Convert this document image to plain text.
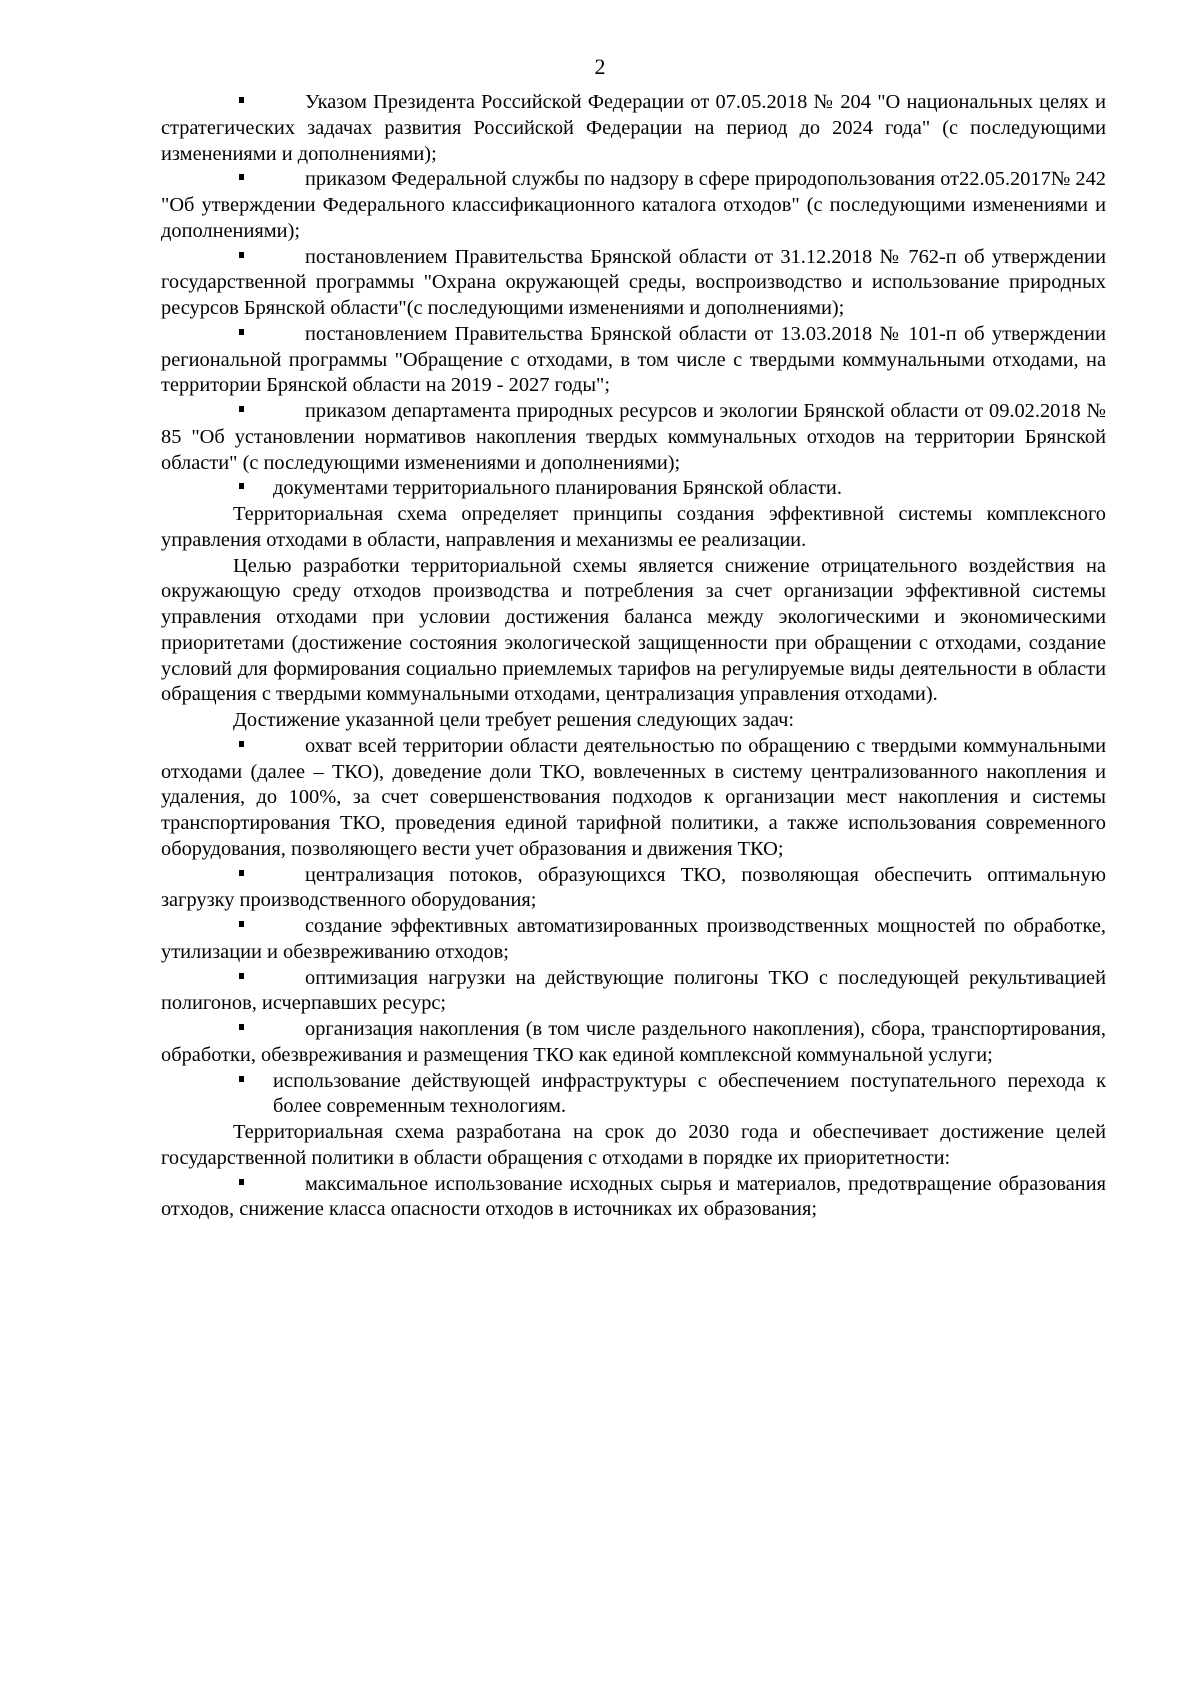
2

Указом Президента Российской Федерации от 07.05.2018 № 204 "О национальных целях и стратегических задачах развития Российской Федерации на период до 2024 года" (с последующими изменениями и дополнениями);

приказом Федеральной службы по надзору в сфере природопользования от22.05.2017№ 242 "Об утверждении Федерального классификационного каталога отходов" (с последующими изменениями и дополнениями);

постановлением Правительства Брянской области от 31.12.2018 № 762-п об утверждении государственной программы "Охрана окружающей среды, воспроизводство и использование природных ресурсов Брянской области"(с последующими изменениями и дополнениями);

постановлением Правительства Брянской области от 13.03.2018 № 101-п об утверждении региональной программы "Обращение с отходами, в том числе с твердыми коммунальными отходами, на территории Брянской области на 2019 - 2027 годы";

приказом департамента природных ресурсов и экологии Брянской области от 09.02.2018 № 85 "Об установлении нормативов накопления твердых коммунальных отходов на территории Брянской области" (с последующими изменениями и дополнениями);

документами территориального планирования Брянской области.

Территориальная схема определяет принципы создания эффективной системы комплексного управления отходами в области, направления и механизмы ее реализации.

Целью разработки территориальной схемы является снижение отрицательного воздействия на окружающую среду отходов производства и потребления за счет организации эффективной системы управления отходами при условии достижения баланса между экологическими и экономическими приоритетами (достижение состояния экологической защищенности при обращении с отходами, создание условий для формирования социально приемлемых тарифов на регулируемые виды деятельности в области обращения с твердыми коммунальными отходами, централизация управления отходами).

Достижение указанной цели требует решения следующих задач:

охват всей территории области деятельностью по обращению с твердыми коммунальными отходами (далее – ТКО), доведение доли ТКО, вовлеченных в систему централизованного накопления и удаления, до 100%, за счет совершенствования подходов к организации мест накопления и системы транспортирования ТКО, проведения единой тарифной политики, а также использования современного оборудования, позволяющего вести учет образования и движения ТКО;

централизация потоков, образующихся ТКО, позволяющая обеспечить оптимальную загрузку производственного оборудования;

создание эффективных автоматизированных производственных мощностей по обработке, утилизации и обезвреживанию отходов;

оптимизация нагрузки на действующие полигоны ТКО с последующей рекультивацией полигонов, исчерпавших ресурс;

организация накопления (в том числе раздельного накопления), сбора, транспортирования, обработки, обезвреживания и размещения ТКО как единой комплексной коммунальной услуги;

использование действующей инфраструктуры с обеспечением поступательного перехода к более современным технологиям.

Территориальная схема разработана на срок до 2030 года и обеспечивает достижение целей государственной политики в области обращения с отходами в порядке их приоритетности:

максимальное использование исходных сырья и материалов, предотвращение образования отходов, снижение класса опасности отходов в источниках их образования;
